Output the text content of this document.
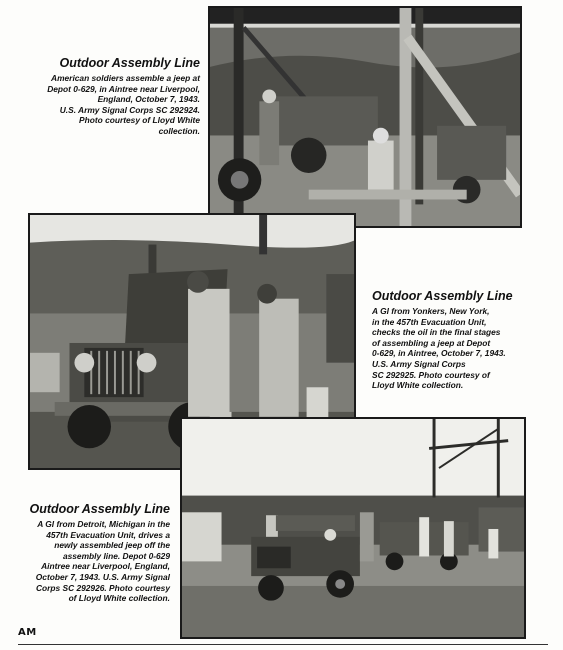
Outdoor Assembly Line
American soldiers assemble a jeep at
Depot 0-629, in Aintree near Liverpool,
England, October 7, 1943.
U.S. Army Signal Corps SC 292924.
Photo courtesy of Lloyd White collection.
Outdoor Assembly Line
A GI from Yonkers, New York,
in the 457th Evacuation Unit,
checks the oil in the final stages
of assembling a jeep at Depot
0-629, in Aintree, October 7, 1943.
U.S. Army Signal Corps
SC 292925. Photo courtesy of
Lloyd White collection.
Outdoor Assembly Line
A GI from Detroit, Michigan in the
457th Evacuation Unit, drives a
newly assembled jeep off the
assembly line. Depot 0-629
Aintree near Liverpool, England,
October 7, 1943. U.S. Army Signal
Corps SC 292926. Photo courtesy
of Lloyd White collection.
AM
